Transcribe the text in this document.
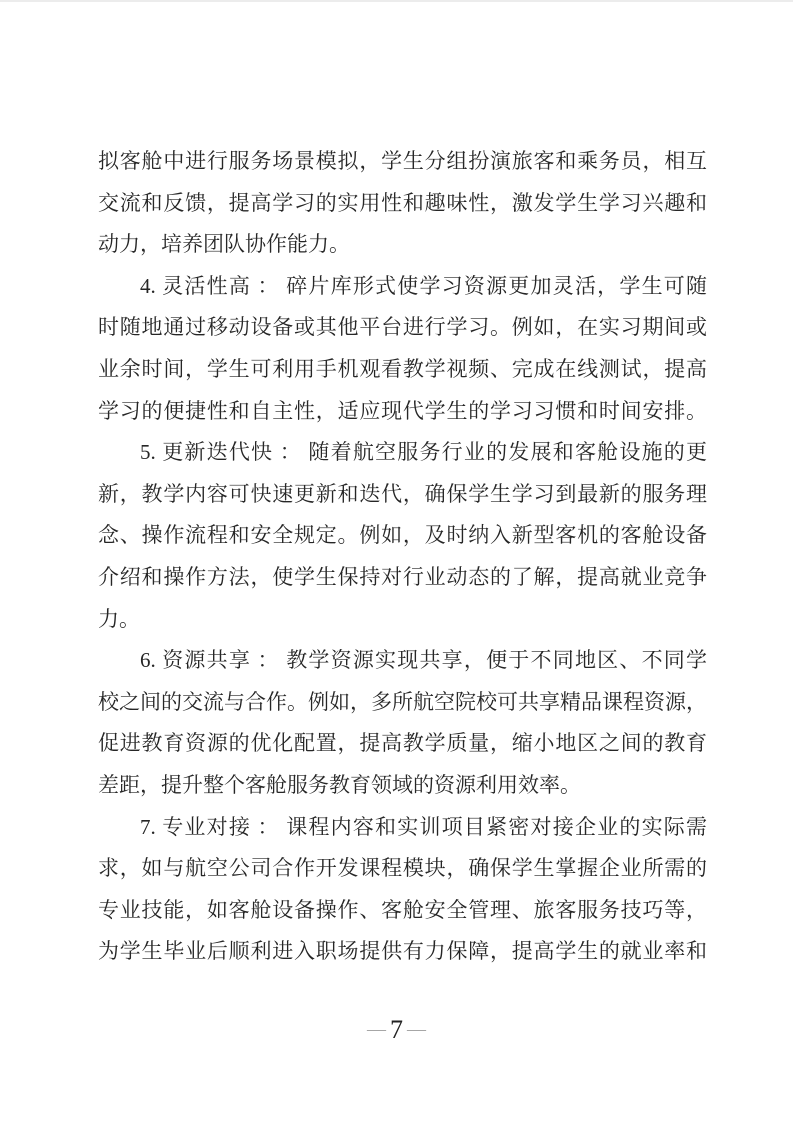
拟客舱中进行服务场景模拟，学生分组扮演旅客和乘务员，相互
交流和反馈，提高学习的实用性和趣味性，激发学生学习兴趣和
动力，培养团队协作能力。
4. 灵活性高 ： 碎片库形式使学习资源更加灵活，学生可随
时随地通过移动设备或其他平台进行学习。例如，在实习期间或
业余时间，学生可利用手机观看教学视频、完成在线测试，提高
学习的便捷性和自主性，适应现代学生的学习习惯和时间安排。
5. 更新迭代快 ： 随着航空服务行业的发展和客舱设施的更
新，教学内容可快速更新和迭代，确保学生学习到最新的服务理
念、操作流程和安全规定。例如，及时纳入新型客机的客舱设备
介绍和操作方法，使学生保持对行业动态的了解，提高就业竞争
力。
6. 资源共享 ： 教学资源实现共享，便于不同地区、不同学
校之间的交流与合作。例如，多所航空院校可共享精品课程资源，
促进教育资源的优化配置，提高教学质量，缩小地区之间的教育
差距，提升整个客舱服务教育领域的资源利用效率。
7. 专业对接 ： 课程内容和实训项目紧密对接企业的实际需
求，如与航空公司合作开发课程模块，确保学生掌握企业所需的
专业技能，如客舱设备操作、客舱安全管理、旅客服务技巧等，
为学生毕业后顺利进入职场提供有力保障，提高学生的就业率和
— 7 —
